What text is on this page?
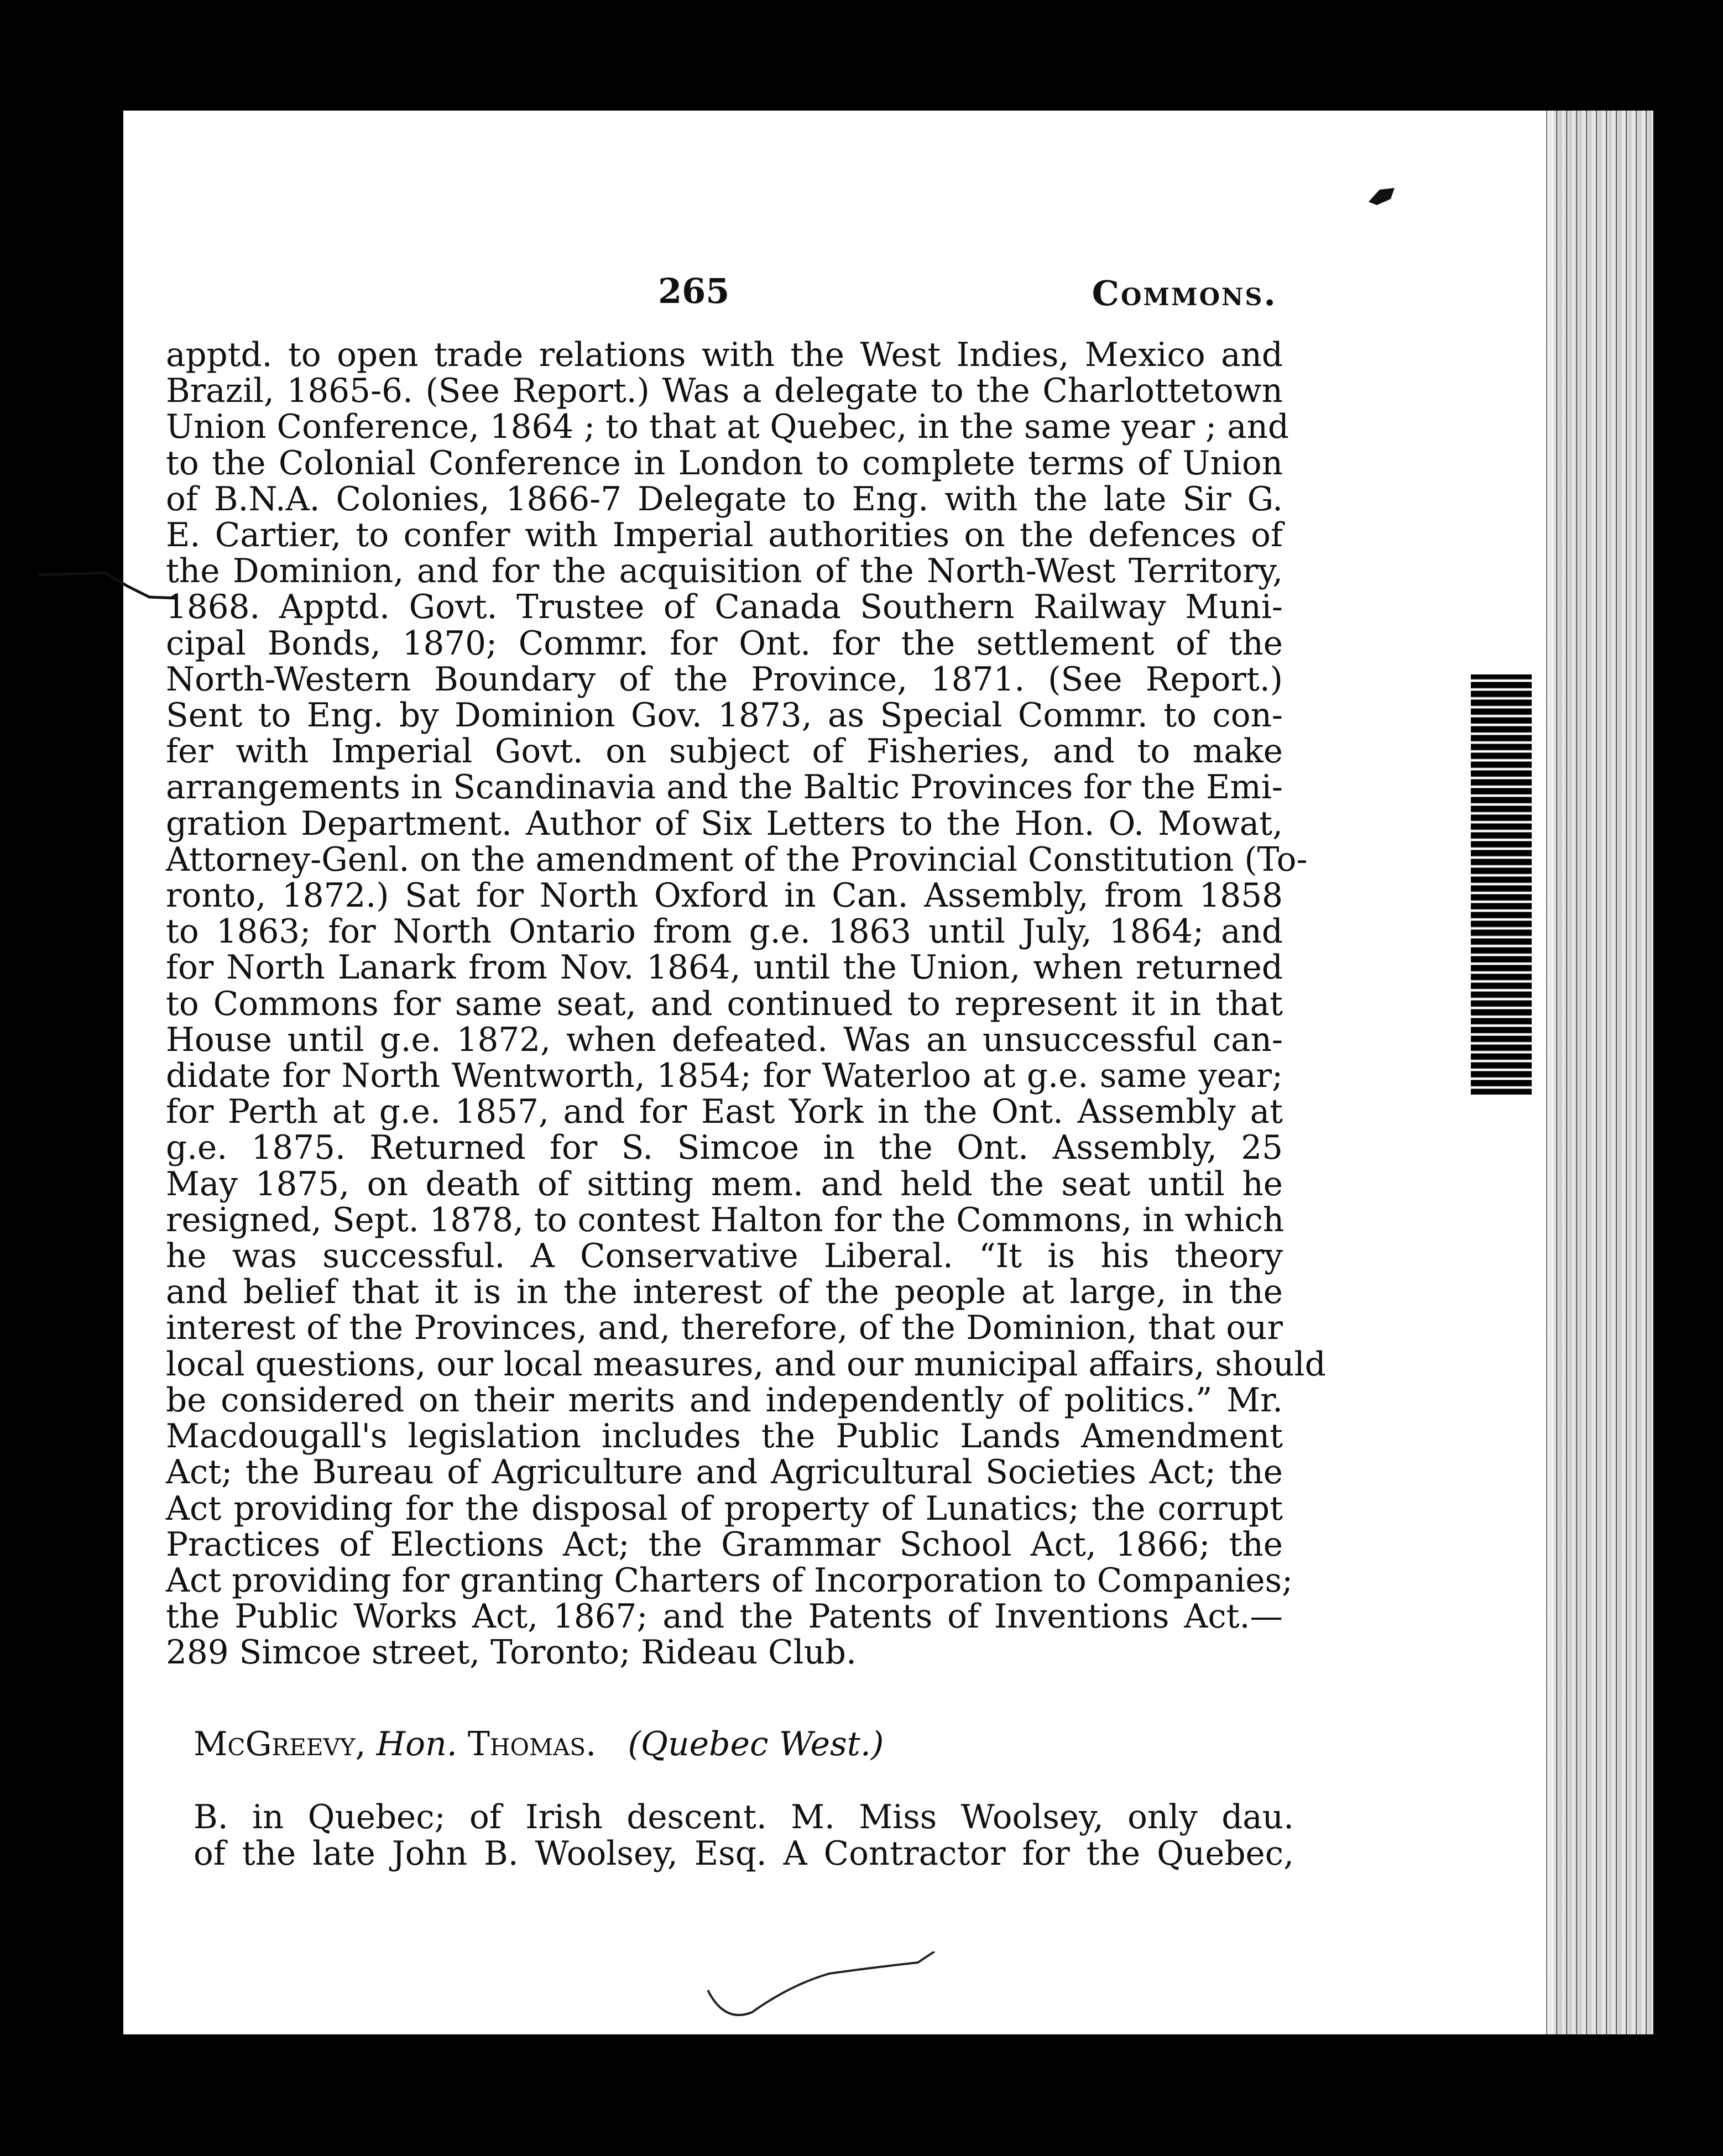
265	Commons.
apptd. to open trade relations with the West Indies, Mexico and
Brazil, 1865-6. (See Report.) Was a delegate to the Charlottetown
Union Conference, 1864 ; to that at Quebec, in the same year ; and
to the Colonial Conference in London to complete terms of Union
of B.N.A. Colonies, 1866-7 Delegate to Eng. with the late Sir G.
E. Cartier, to confer with Imperial authorities on the defences of
the Dominion, and for the acquisition of the North-West Territory,
1868. Apptd. Govt. Trustee of Canada Southern Railway Muni-
cipal Bonds, 1870; Commr. for Ont. for the settlement of the
North-Western Boundary of the Province, 1871. (See Report.)
Sent to Eng. by Dominion Gov. 1873, as Special Commr. to con-
fer with Imperial Govt. on subject of Fisheries, and to make
arrangements in Scandinavia and the Baltic Provinces for the Emi-
gration Department. Author of Six Letters to the Hon. O. Mowat,
Attorney-Genl. on the amendment of the Provincial Constitution (To-
ronto, 1872.) Sat for North Oxford in Can. Assembly, from 1858
to 1863; for North Ontario from g.e. 1863 until July, 1864; and
for North Lanark from Nov. 1864, until the Union, when returned
to Commons for same seat, and continued to represent it in that
House until g.e. 1872, when defeated. Was an unsuccessful can-
didate for North Wentworth, 1854; for Waterloo at g.e. same year;
for Perth at g.e. 1857, and for East York in the Ont. Assembly at
g.e. 1875. Returned for S. Simcoe in the Ont. Assembly, 25
May 1875, on death of sitting mem. and held the seat until he
resigned, Sept. 1878, to contest Halton for the Commons, in which
he was successful. A Conservative Liberal. “It is his theory
and belief that it is in the interest of the people at large, in the
interest of the Provinces, and, therefore, of the Dominion, that our
local questions, our local measures, and our municipal affairs, should
be considered on their merits and independently of politics.” Mr.
Macdougall's legislation includes the Public Lands Amendment
Act; the Bureau of Agriculture and Agricultural Societies Act; the
Act providing for the disposal of property of Lunatics; the corrupt
Practices of Elections Act; the Grammar School Act, 1866; the
Act providing for granting Charters of Incorporation to Companies;
the Public Works Act, 1867; and the Patents of Inventions Act.—
289 Simcoe street, Toronto; Rideau Club.
McGreevy, Hon. Thomas. (Quebec West.)
B. in Quebec; of Irish descent. M. Miss Woolsey, only dau.
of the late John B. Woolsey, Esq. A Contractor for the Quebec,
